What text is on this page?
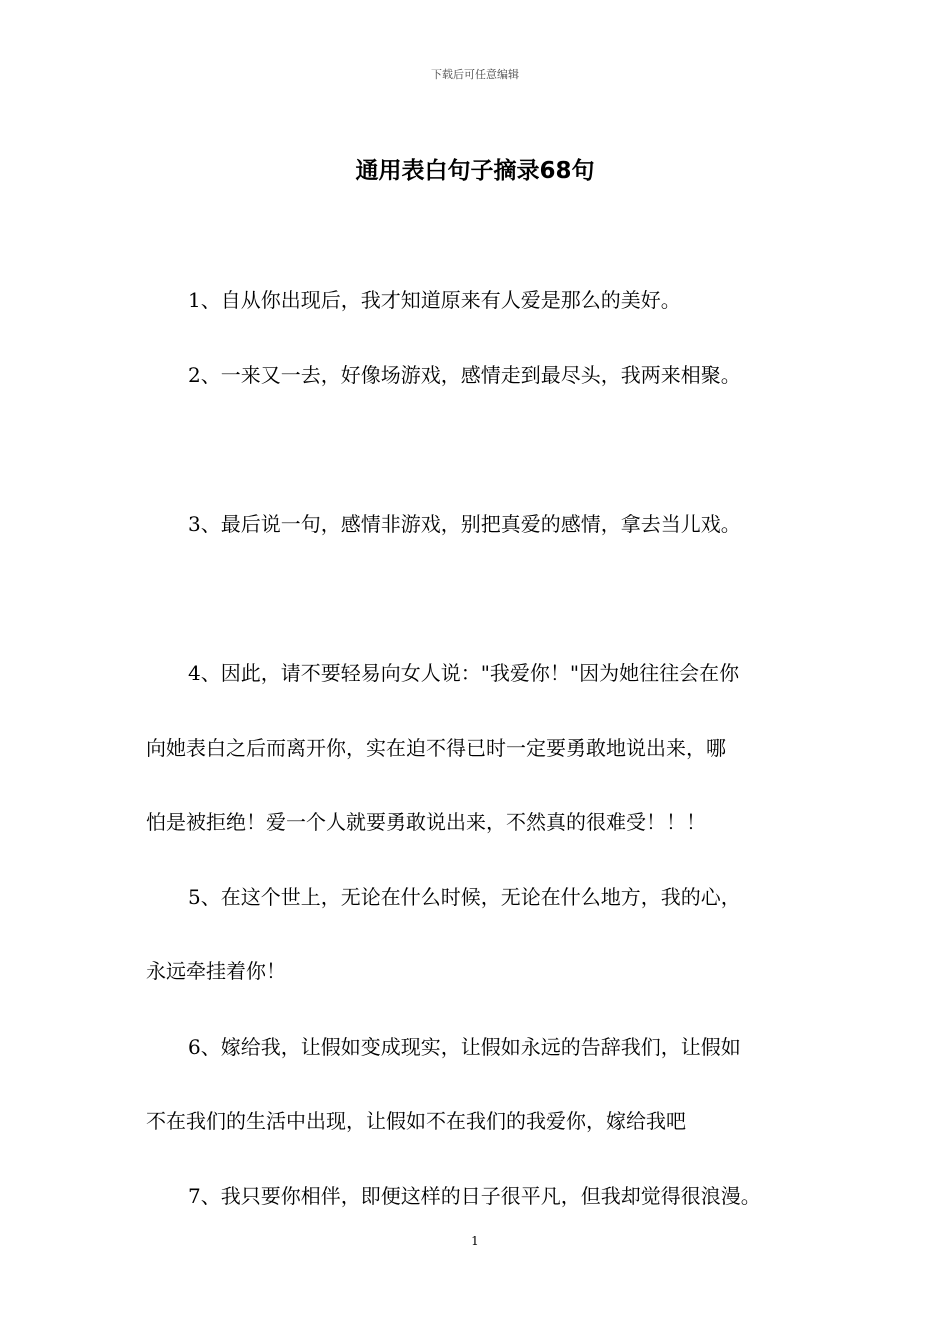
下载后可任意编辑
通用表白句子摘录68句
1、自从你出现后，我才知道原来有人爱是那么的美好。
2、一来又一去，好像场游戏，感情走到最尽头，我两来相聚。
3、最后说一句，感情非游戏，别把真爱的感情，拿去当儿戏。
4、因此，请不要轻易向女人说："我爱你！"因为她往往会在你
向她表白之后而离开你，实在迫不得已时一定要勇敢地说出来，哪
怕是被拒绝！爱一个人就要勇敢说出来，不然真的很难受！！！
5、在这个世上，无论在什么时候，无论在什么地方，我的心，
永远牵挂着你！
6、嫁给我，让假如变成现实，让假如永远的告辞我们，让假如
不在我们的生活中出现，让假如不在我们的我爱你，嫁给我吧
7、我只要你相伴，即便这样的日子很平凡，但我却觉得很浪漫。
1
